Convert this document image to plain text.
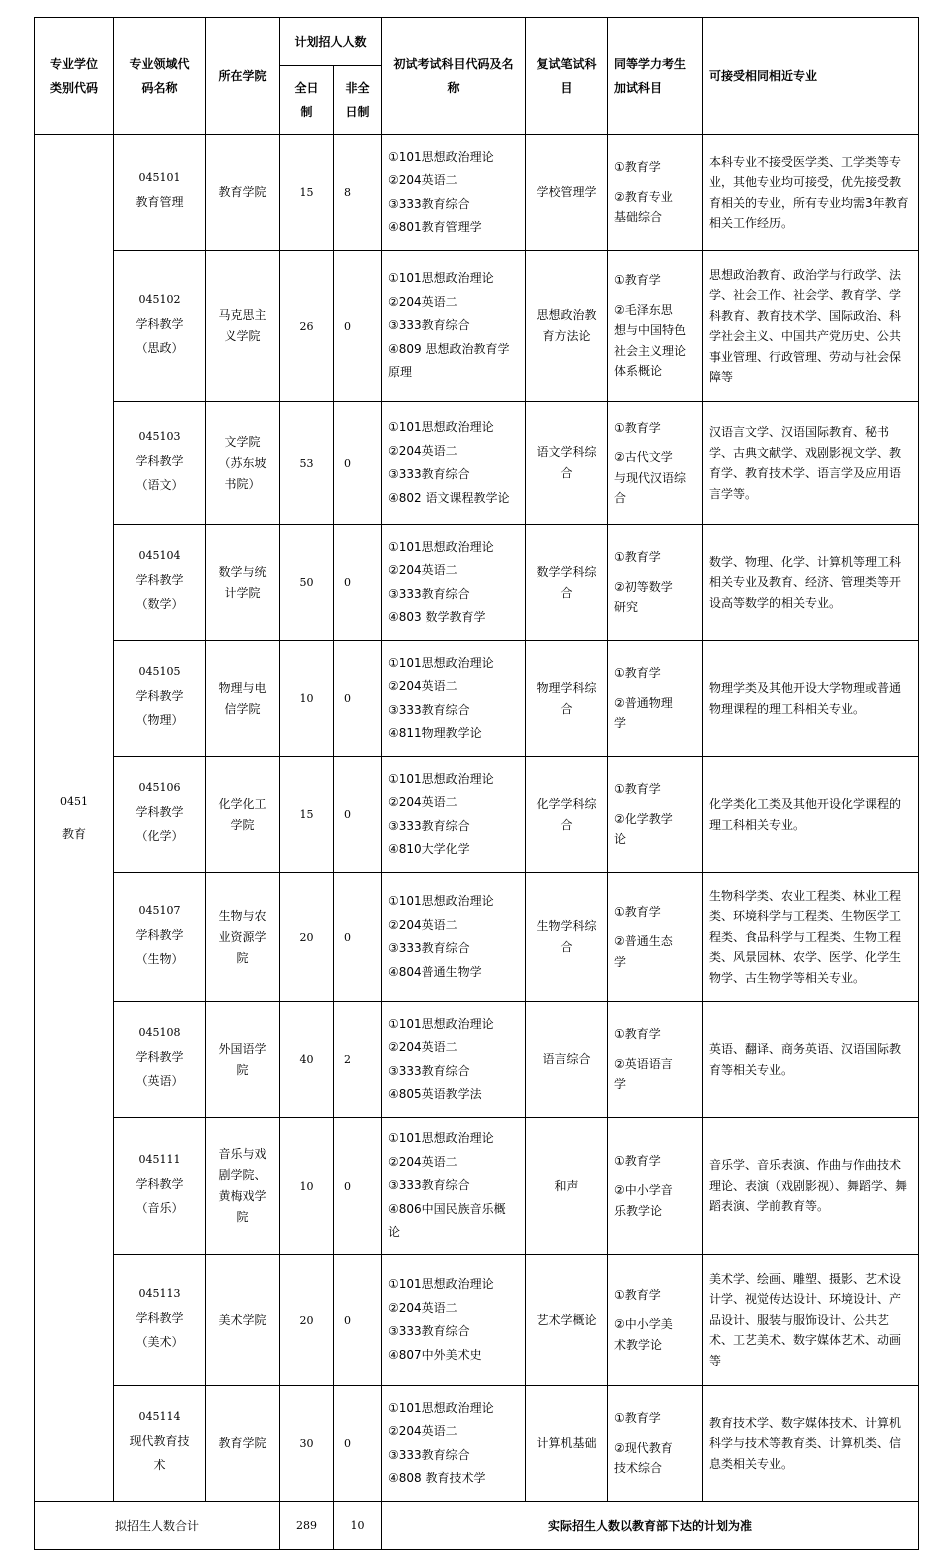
专业学位
类别代码	专业领域代
码名称	所在学院	计划招人人数		初试考试科目代码及名
称	复试笔试科
目	同等学力考生
加试科目	可接受相同相近专业

			全日
制	非全
日制				

0451
教育	045101
教育管理	教育学院	15	8	①101思想政治理论
②204英语二
③333教育综合
④801教育管理学	学校管理学	①教育学
②教育专业
基础综合	本科专业不接受医学类、工学类等专业，其他专业均可接受，优先接受教育相关的专业，所有专业均需3年教育相关工作经历。

	045102
学科教学
（思政）	马克思主
义学院	26	0	①101思想政治理论
②204英语二
③333教育综合
④809 思想政治教育学
原理	思想政治教
育方法论	①教育学
②毛泽东思
想与中国特色
社会主义理论
体系概论	思想政治教育、政治学与行政学、法学、社会工作、社会学、教育学、学科教育、教育技术学、国际政治、科学社会主义、中国共产党历史、公共事业管理、行政管理、劳动与社会保障等

	045103
学科教学
（语文）	文学院
（苏东坡
书院）	53	0	①101思想政治理论
②204英语二
③333教育综合
④802 语文课程教学论	语文学科综
合	①教育学
②古代文学
与现代汉语综
合	汉语言文学、汉语国际教育、秘书学、古典文献学、戏剧影视文学、教育学、教育技术学、语言学及应用语言学等。

	045104
学科教学
（数学）	数学与统
计学院	50	0	①101思想政治理论
②204英语二
③333教育综合
④803 数学教育学	数学学科综
合	①教育学
②初等数学
研究	数学、物理、化学、计算机等理工科相关专业及教育、经济、管理类等开设高等数学的相关专业。

	045105
学科教学
（物理）	物理与电
信学院	10	0	①101思想政治理论
②204英语二
③333教育综合
④811物理教学论	物理学科综
合	①教育学
②普通物理
学	物理学类及其他开设大学物理或普通物理课程的理工科相关专业。

	045106
学科教学
（化学）	化学化工
学院	15	0	①101思想政治理论
②204英语二
③333教育综合
④810大学化学	化学学科综
合	①教育学
②化学教学
论	化学类化工类及其他开设化学课程的理工科相关专业。

	045107
学科教学
（生物）	生物与农
业资源学
院	20	0	①101思想政治理论
②204英语二
③333教育综合
④804普通生物学	生物学科综
合	①教育学
②普通生态
学	生物科学类、农业工程类、林业工程类、环境科学与工程类、生物医学工程类、食品科学与工程类、生物工程类、风景园林、农学、医学、化学生物学、古生物学等相关专业。

	045108
学科教学
（英语）	外国语学
院	40	2	①101思想政治理论
②204英语二
③333教育综合
④805英语教学法	语言综合	①教育学
②英语语言
学	英语、翻译、商务英语、汉语国际教育等相关专业。

	045111
学科教学
（音乐）	音乐与戏
剧学院、
黄梅戏学
院	10	0	①101思想政治理论
②204英语二
③333教育综合
④806中国民族音乐概
论	和声	①教育学
②中小学音
乐教学论	音乐学、音乐表演、作曲与作曲技术理论、表演（戏剧影视）、舞蹈学、舞蹈表演、学前教育等。

	045113
学科教学
（美术）	美术学院	20	0	①101思想政治理论
②204英语二
③333教育综合
④807中外美术史	艺术学概论	①教育学
②中小学美
术教学论	美术学、绘画、雕塑、摄影、艺术设计学、视觉传达设计、环境设计、产品设计、服装与服饰设计、公共艺术、工艺美术、数字媒体艺术、动画等

	045114
现代教育技
术	教育学院	30	0	①101思想政治理论
②204英语二
③333教育综合
④808 教育技术学	计算机基础	①教育学
②现代教育
技术综合	教育技术学、数字媒体技术、计算机科学与技术等教育类、计算机类、信息类相关专业。
拟招生人数合计			289	10	实际招生人数以教育部下达的计划为准			
